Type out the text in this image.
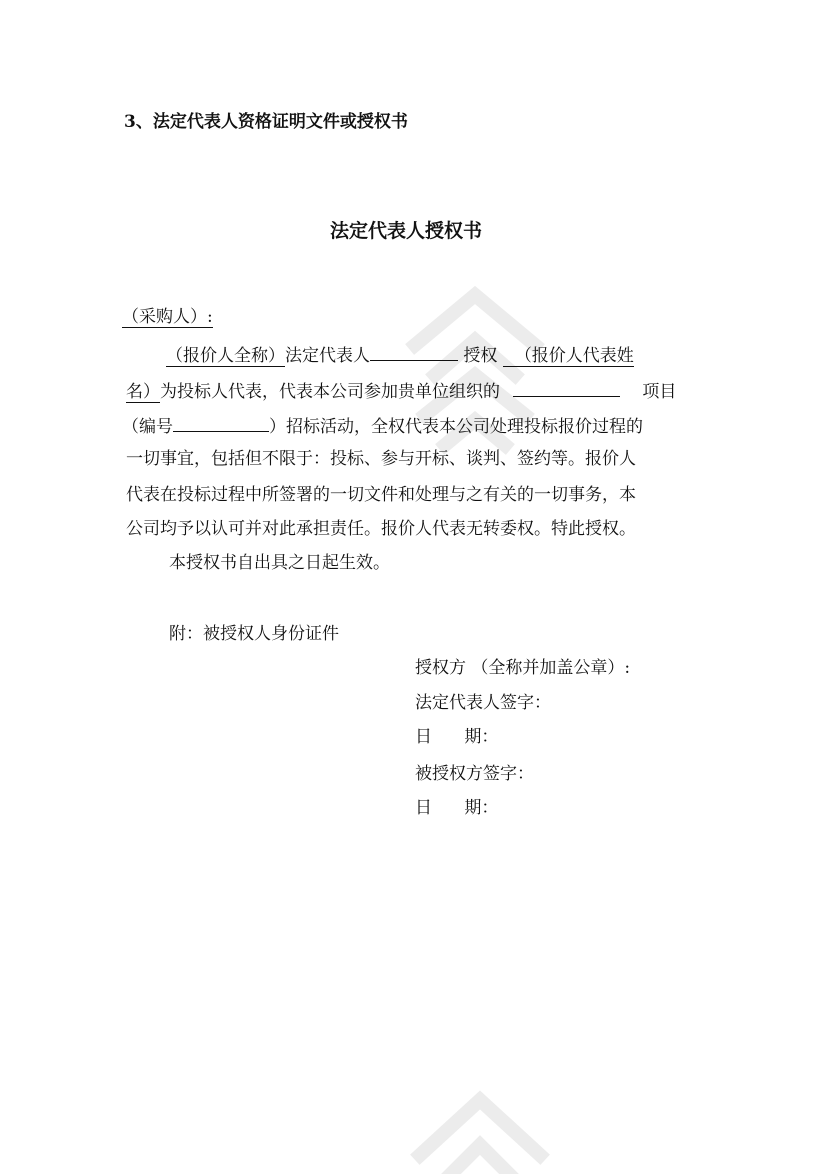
3、法定代表人资格证明文件或授权书
法定代表人授权书
（采购人）:
（报价人全称）法定代表人	授权 （报价人代表姓
名）为投标人代表，代表本公司参加贵单位组织的	项目
（编号	）招标活动，全权代表本公司处理投标报价过程的
一切事宜，包括但不限于：投标、参与开标、谈判、签约等。报价人
代表在投标过程中所签署的一切文件和处理与之有关的一切事务，本
公司均予以认可并对此承担责任。报价人代表无转委权。特此授权。
本授权书自出具之日起生效。
附：被授权人身份证件
授权方 （全称并加盖公章）:
法定代表人签字：
日      期：
被授权方签字：
日      期：
